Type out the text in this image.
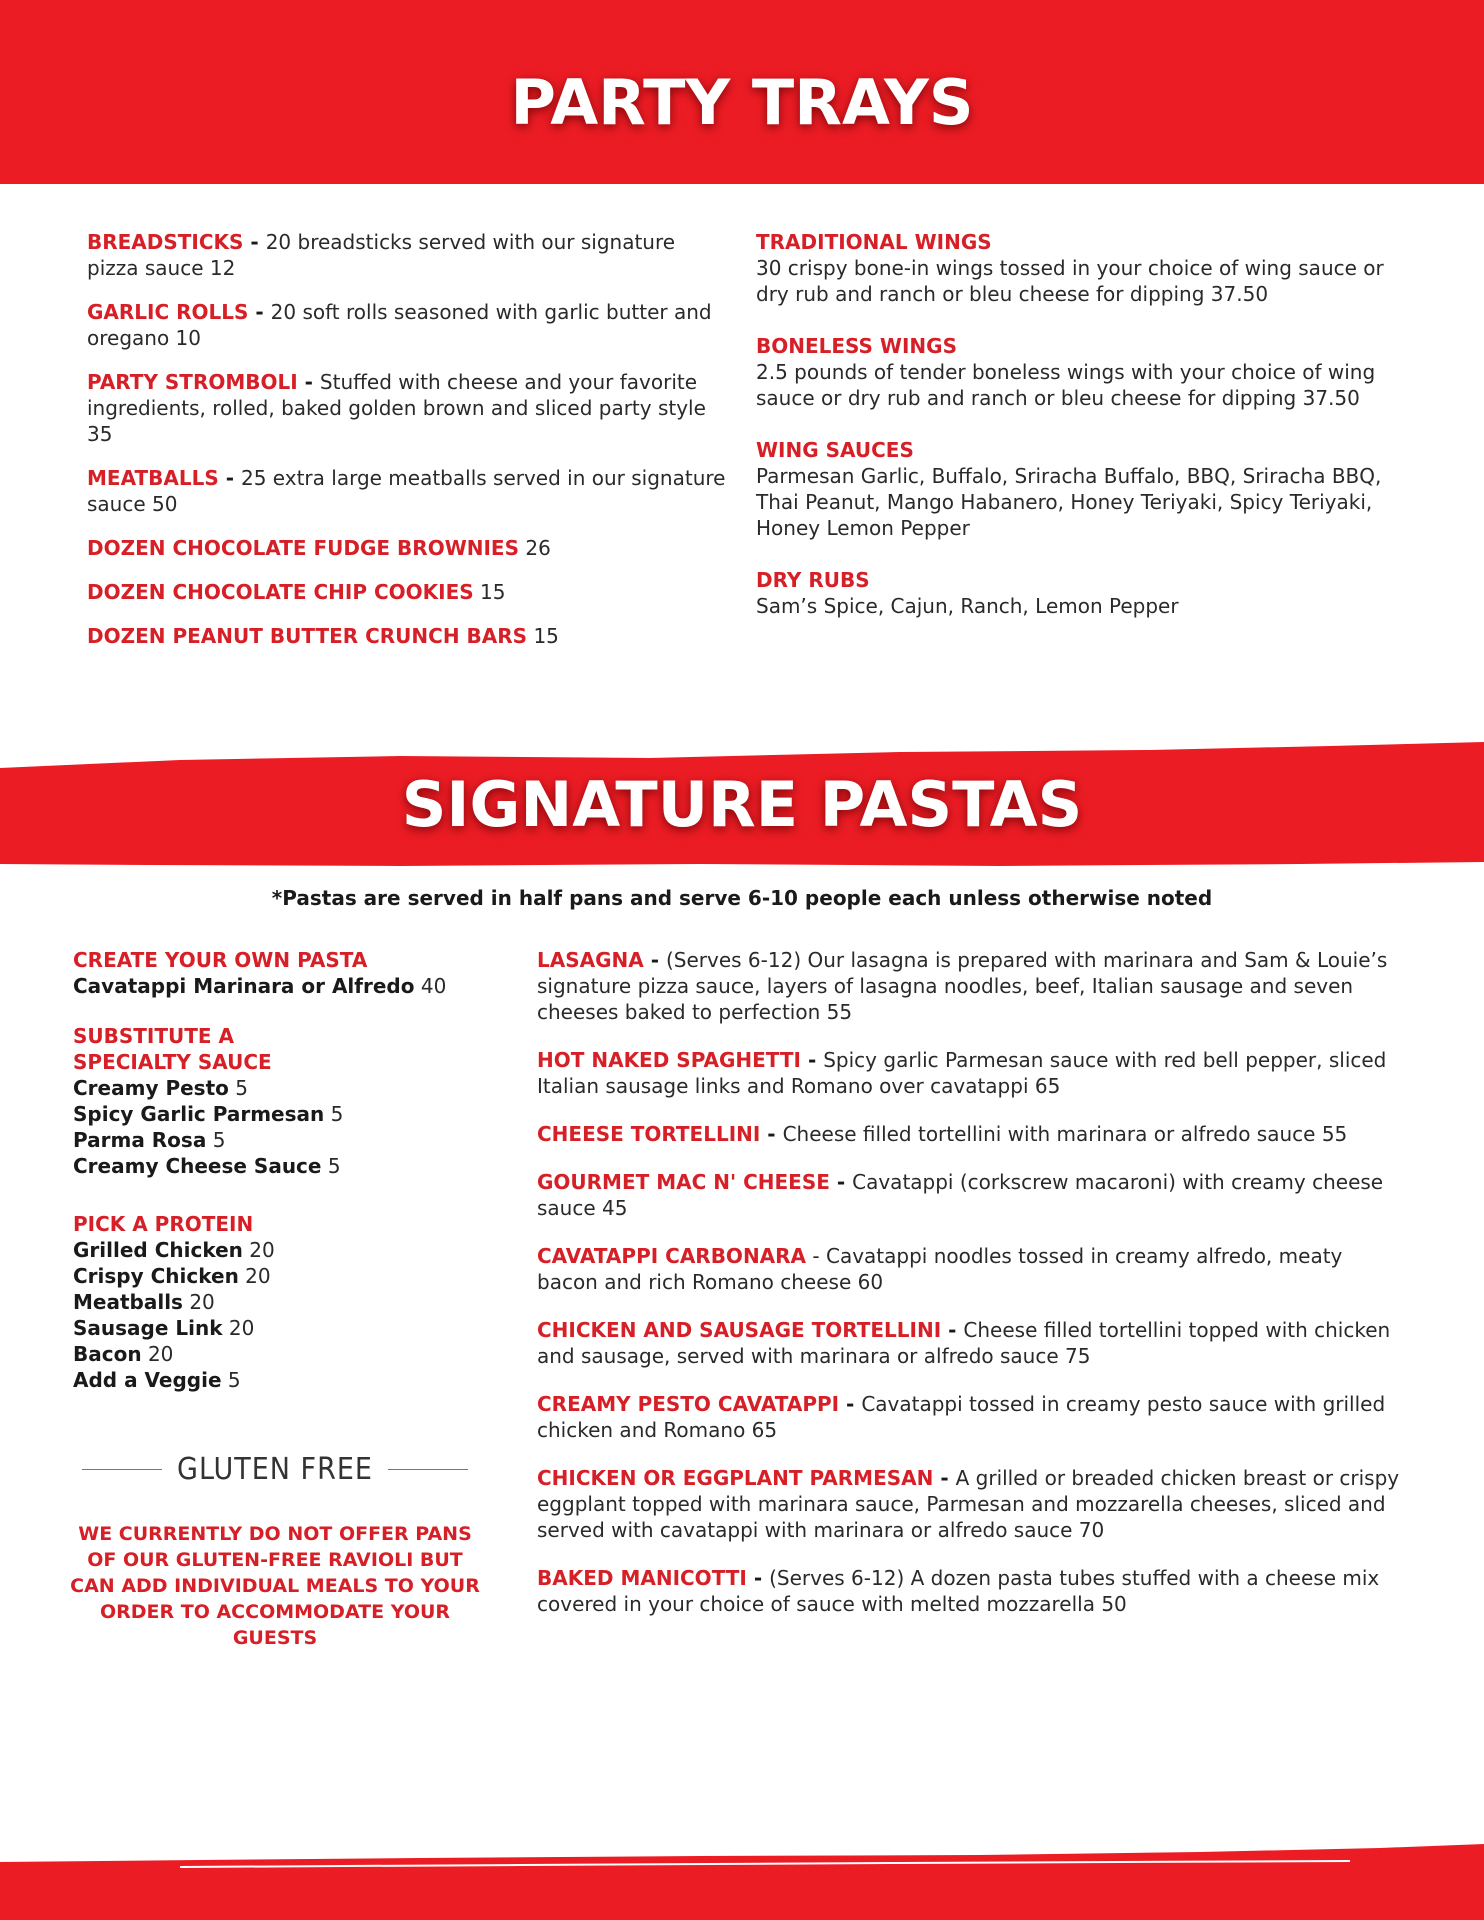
PARTY TRAYS

BREADSTICKS - 20 breadsticks served with our signature pizza sauce 12

GARLIC ROLLS - 20 soft rolls seasoned with garlic butter and oregano 10

PARTY STROMBOLI - Stuffed with cheese and your favorite ingredients, rolled, baked golden brown and sliced party style 35

MEATBALLS - 25 extra large meatballs served in our signature sauce 50

DOZEN CHOCOLATE FUDGE BROWNIES 26

DOZEN CHOCOLATE CHIP COOKIES 15

DOZEN PEANUT BUTTER CRUNCH BARS 15

TRADITIONAL WINGS

30 crispy bone-in wings tossed in your choice of wing sauce or dry rub and ranch or bleu cheese for dipping 37.50

BONELESS WINGS

2.5 pounds of tender boneless wings with your choice of wing sauce or dry rub and ranch or bleu cheese for dipping 37.50

WING SAUCES

Parmesan Garlic, Buffalo, Sriracha Buffalo, BBQ, Sriracha BBQ, Thai Peanut, Mango Habanero, Honey Teriyaki, Spicy Teriyaki, Honey Lemon Pepper

DRY RUBS

Sam’s Spice, Cajun, Ranch, Lemon Pepper

SIGNATURE PASTAS
*Pastas are served in half pans and serve 6-10 people each unless otherwise noted

CREATE YOUR OWN PASTA

Cavatappi Marinara or Alfredo 40

SUBSTITUTE A

SPECIALTY SAUCE

Creamy Pesto 5

Spicy Garlic Parmesan 5

Parma Rosa 5

Creamy Cheese Sauce 5

PICK A PROTEIN

Grilled Chicken 20

Crispy Chicken 20

Meatballs 20

Sausage Link 20

Bacon 20

Add a Veggie 5

GLUTEN FREE
WE CURRENTLY DO NOT OFFER PANS OF OUR GLUTEN-FREE RAVIOLI BUT CAN ADD INDIVIDUAL MEALS TO YOUR ORDER TO ACCOMMODATE YOUR GUESTS

LASAGNA - (Serves 6-12) Our lasagna is prepared with marinara and Sam & Louie’s signature pizza sauce, layers of lasagna noodles, beef, Italian sausage and seven cheeses baked to perfection 55

HOT NAKED SPAGHETTI - Spicy garlic Parmesan sauce with red bell pepper, sliced Italian sausage links and Romano over cavatappi 65

CHEESE TORTELLINI - Cheese filled tortellini with marinara or alfredo sauce 55

GOURMET MAC N' CHEESE - Cavatappi (corkscrew macaroni) with creamy cheese sauce 45

CAVATAPPI CARBONARA - Cavatappi noodles tossed in creamy alfredo, meaty bacon and rich Romano cheese 60

CHICKEN AND SAUSAGE TORTELLINI - Cheese filled tortellini topped with chicken and sausage, served with marinara or alfredo sauce 75

CREAMY PESTO CAVATAPPI - Cavatappi tossed in creamy pesto sauce with grilled chicken and Romano 65

CHICKEN OR EGGPLANT PARMESAN - A grilled or breaded chicken breast or crispy eggplant topped with marinara sauce, Parmesan and mozzarella cheeses, sliced and served with cavatappi with marinara or alfredo sauce 70

BAKED MANICOTTI - (Serves 6-12) A dozen pasta tubes stuffed with a cheese mix covered in your choice of sauce with melted mozzarella 50
